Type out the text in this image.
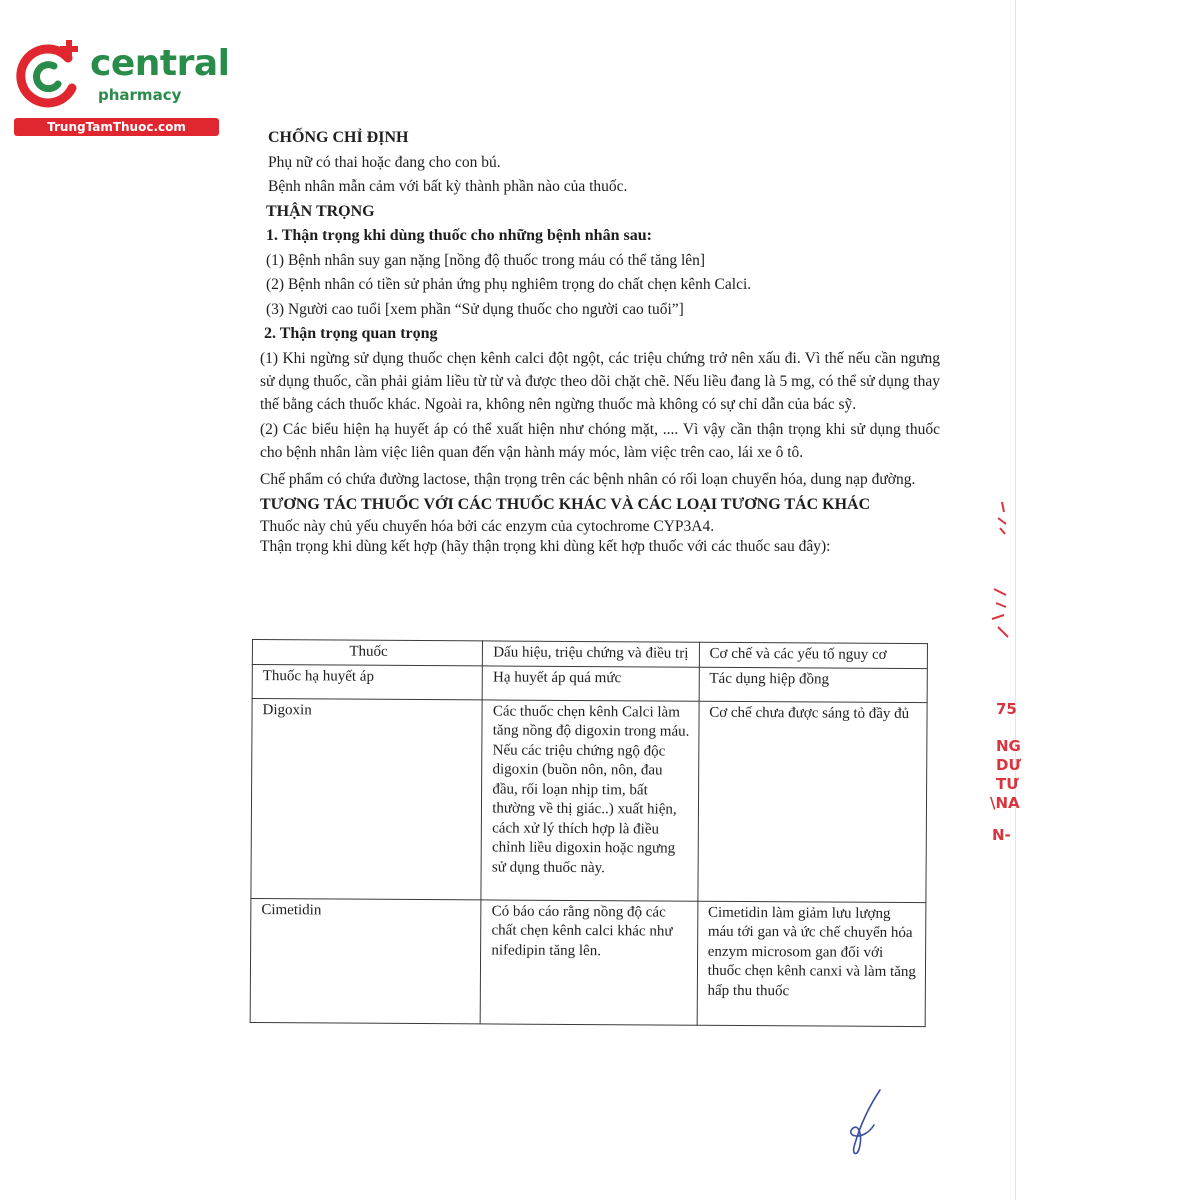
central
pharmacy
TrungTamThuoc.com
CHỐNG CHỈ ĐỊNH
Phụ nữ có thai hoặc đang cho con bú.
Bệnh nhân mẫn cảm với bất kỳ thành phần nào của thuốc.
THẬN TRỌNG
1. Thận trọng khi dùng thuốc cho những bệnh nhân sau:
(1) Bệnh nhân suy gan nặng [nồng độ thuốc trong máu có thể tăng lên]
(2) Bệnh nhân có tiền sử phản ứng phụ nghiêm trọng do chất chẹn kênh Calci.
(3) Người cao tuổi [xem phần “Sử dụng thuốc cho người cao tuổi”]
2. Thận trọng quan trọng

(1) Khi ngừng sử dụng thuốc chẹn kênh calci đột ngột, các triệu chứng trở nên xấu đi. Vì thế nếu cần ngưng sử dụng thuốc, cần phải giảm liều từ từ và được theo dõi chặt chẽ. Nếu liều đang là 5 mg, có thể sử dụng thay thế bằng cách thuốc khác. Ngoài ra, không nên ngừng thuốc mà không có sự chỉ dẫn của bác sỹ.

(2) Các biểu hiện hạ huyết áp có thể xuất hiện như chóng mặt, .... Vì vậy cần thận trọng khi sử dụng thuốc cho bệnh nhân làm việc liên quan đến vận hành máy móc, làm việc trên cao, lái xe ô tô.

Chế phẩm có chứa đường lactose, thận trọng trên các bệnh nhân có rối loạn chuyển hóa, dung nạp đường.

TƯƠNG TÁC THUỐC VỚI CÁC THUỐC KHÁC VÀ CÁC LOẠI TƯƠNG TÁC KHÁC
Thuốc này chủ yếu chuyển hóa bởi các enzym của cytochrome CYP3A4.
Thận trọng khi dùng kết hợp (hãy thận trọng khi dùng kết hợp thuốc với các thuốc sau đây):
Thuốc	Dấu hiệu, triệu chứng và điều trị	Cơ chế và các yếu tố nguy cơ
Thuốc hạ huyết áp	Hạ huyết áp quá mức	Tác dụng hiệp đồng
Digoxin	Các thuốc chẹn kênh Calci làm tăng nồng độ digoxin trong máu. Nếu các triệu chứng ngộ độc digoxin (buồn nôn, nôn, đau đầu, rối loạn nhịp tim, bất thường về thị giác..) xuất hiện, cách xử lý thích hợp là điều chỉnh liều digoxin hoặc ngưng sử dụng thuốc này.	Cơ chế chưa được sáng tỏ đầy đủ
Cimetidin	Có báo cáo rằng nồng độ các chất chẹn kênh calci khác như nifedipin tăng lên.	Cimetidin làm giảm lưu lượng máu tới gan và ức chế chuyển hóa enzym microsom gan đối với thuốc chẹn kênh canxi và làm tăng hấp thu thuốc
75
NG
DƯ
TƯ
\NA
N-
